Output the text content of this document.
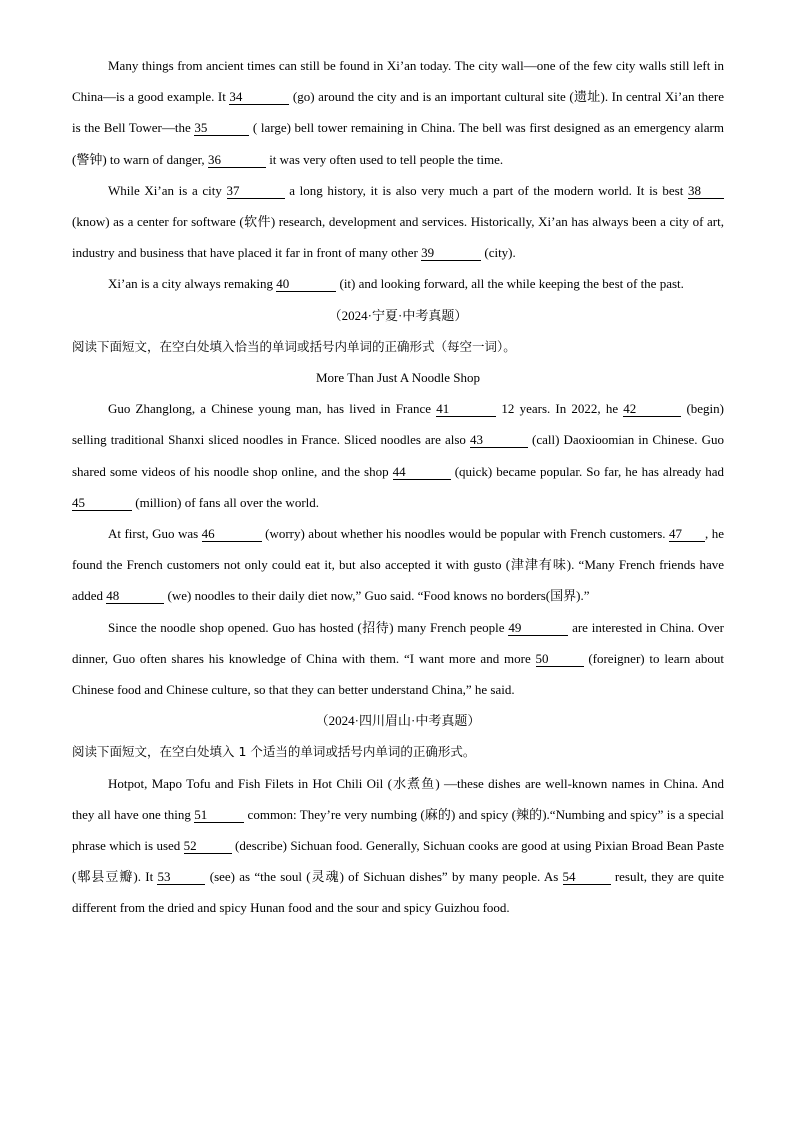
Many things from ancient times can still be found in Xi’an today. The city wall—one of the few city walls still left in China—is a good example. It 34	(go) around the city and is an important cultural site (遗址). In central Xi’an there is the Bell Tower—the 35	( large) bell tower remaining in China. The bell was first designed as an emergency alarm (警钟) to warn of danger, 36	it was very often used to tell people the time.

While Xi’an is a city 37	a long history, it is also very much a part of the modern world. It is best 38 (know) as a center for software (软件) research, development and services. Historically, Xi’an has always been a city of art, industry and business that have placed it far in front of many other 39	(city).

Xi’an is a city always remaking 40	(it) and looking forward, all the while keeping the best of the past.

（2024·宁夏·中考真题）

阅读下面短文，在空白处填入恰当的单词或括号内单词的正确形式（每空一词）。

More Than Just A Noodle Shop

Guo Zhanglong, a Chinese young man, has lived in France 41	12 years. In 2022, he 42	(begin) selling traditional Shanxi sliced noodles in France. Sliced noodles are also 43	(call) Daoxioomian in Chinese. Guo shared some videos of his noodle shop online, and the shop 44	(quick) became popular. So far, he has already had 45	(million) of fans all over the world.

At first, Guo was 46	(worry) about whether his noodles would be popular with French customers. 47 , he found the French customers not only could eat it, but also accepted it with gusto (津津有味). “Many French friends have added 48	(we) noodles to their daily diet now,” Guo said. “Food knows no borders(国界).”

Since the noodle shop opened. Guo has hosted (招待) many French people 49	are interested in China. Over dinner, Guo often shares his knowledge of China with them. “I want more and more 50	(foreigner) to learn about Chinese food and Chinese culture, so that they can better understand China,” he said.

（2024·四川眉山·中考真题）

阅读下面短文，在空白处填入 1 个适当的单词或括号内单词的正确形式。

Hotpot, Mapo Tofu and Fish Filets in Hot Chili Oil (水煮鱼) —these dishes are well-known names in China. And they all have one thing 51	common: They’re very numbing (麻的) and spicy (辣的).“Numbing and spicy” is a special phrase which is used 52	(describe) Sichuan food. Generally, Sichuan cooks are good at using Pixian Broad Bean Paste (郫县豆瓣). It 53	(see) as “the soul (灵魂) of Sichuan dishes” by many people. As 54	result, they are quite different from the dried and spicy Hunan food and the sour and spicy Guizhou food.
